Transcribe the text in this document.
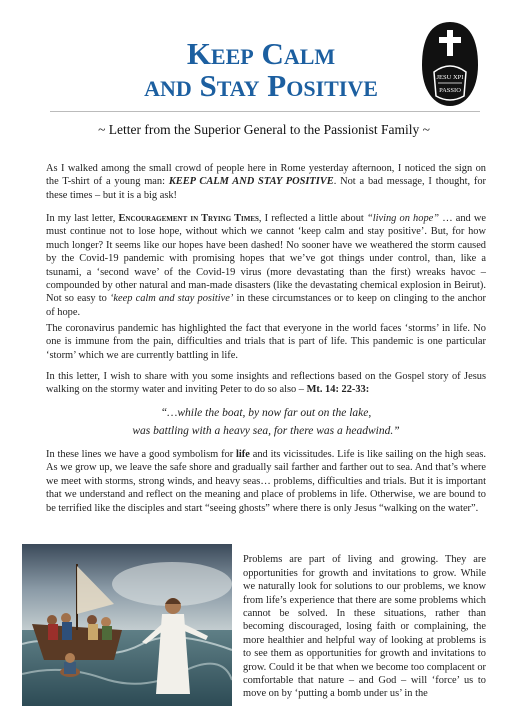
Keep Calm
and Stay Positive	JESU XPI
PASSIO
~ Letter from the Superior General to the Passionist Family ~

As I walked among the small crowd of people here in Rome yesterday afternoon, I noticed the sign on the T-shirt of a young man: KEEP CALM AND STAY POSITIVE. Not a bad message, I thought, for these times – but it is a big ask!

In my last letter, Encouragement in Trying Times, I reflected a little about “living on hope” … and we must continue not to lose hope, without which we cannot ‘keep calm and stay positive’. But, for how much longer? It seems like our hopes have been dashed! No sooner have we weathered the storm caused by the Covid-19 pandemic with promising hopes that we’ve got things under control, than, like a tsunami, a ‘second wave’ of the Covid-19 virus (more devastating than the first) wreaks havoc – compounded by other natural and man-made disasters (like the devastating chemical explosion in Beirut). Not so easy to ‘keep calm and stay positive’ in these circumstances or to keep on clinging to the anchor of hope.

The coronavirus pandemic has highlighted the fact that everyone in the world faces ‘storms’ in life. No one is immune from the pain, difficulties and trials that is part of life. This pandemic is one particular ‘storm’ which we are currently battling in life.

In this letter, I wish to share with you some insights and reflections based on the Gospel story of Jesus walking on the stormy water and inviting Peter to do so also – Mt. 14: 22-33:

“…while the boat, by now far out on the lake,
was battling with a heavy sea, for there was a headwind.”

In these lines we have a good symbolism for life and its vicissitudes. Life is like sailing on the high seas. As we grow up, we leave the safe shore and gradually sail farther and farther out to sea. And that’s where we meet with storms, strong winds, and heavy seas… problems, difficulties and trials. But it is important that we understand and reflect on the meaning and place of problems in life. Otherwise, we are bound to be terrified like the disciples and start “seeing ghosts” where there is only Jesus “walking on the water”.

Problems are part of living and growing. They are opportunities for growth and invitations to grow. While we naturally look for solutions to our problems, we know from life’s experience that there are some problems which cannot be solved. In these situations, rather than becoming discouraged, losing faith or complaining, the more healthier and helpful way of looking at problems is to see them as opportunities for growth and invitations to grow. Could it be that when we become too complacent or comfortable that nature – and God – will ‘force’ us to move on by ‘putting a bomb under us’ in the
